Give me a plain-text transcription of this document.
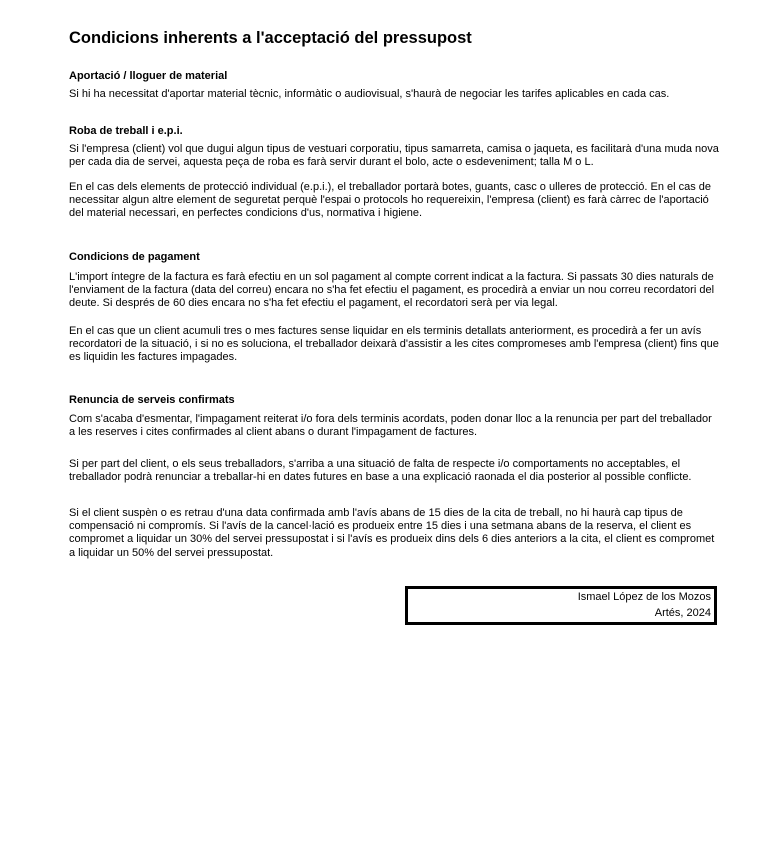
Condicions inherents a l'acceptació del pressupost
Aportació / lloguer de material

Si hi ha necessitat d'aportar material tècnic, informàtic o audiovisual, s'haurà de negociar les tarifes aplicables en cada cas.

Roba de treball i e.p.i.

Si l'empresa (client) vol que dugui algun tipus de vestuari corporatiu, tipus samarreta, camisa o jaqueta, es facilitarà d'una muda nova per cada dia de servei, aquesta peça de roba es farà servir durant el bolo, acte o esdeveniment; talla M o L.

En el cas dels elements de protecció individual (e.p.i.), el treballador portarà botes, guants, casc o ulleres de protecció. En el cas de necessitar algun altre element de seguretat perquè l'espai o protocols ho requereixin, l'empresa (client) es farà càrrec de l'aportació del material necessari, en perfectes condicions d'us, normativa i higiene.

Condicions de pagament

L'import íntegre de la factura es farà efectiu en un sol pagament al compte corrent indicat a la factura. Si passats 30 dies naturals de l'enviament de la factura (data del correu) encara no s'ha fet efectiu el pagament, es procedirà a enviar un nou correu recordatori del deute. Si després de 60 dies encara no s'ha fet efectiu el pagament, el recordatori serà per via legal.

En el cas que un client acumuli tres o mes factures sense liquidar en els terminis detallats anteriorment, es procedirà a fer un avís recordatori de la situació, i si no es soluciona, el treballador deixarà d'assistir a les cites compromeses amb l'empresa (client) fins que es liquidin les factures impagades.

Renuncia de serveis confirmats

Com s'acaba d'esmentar, l'impagament reiterat i/o fora dels terminis acordats, poden donar lloc a la renuncia per part del treballador a les reserves i cites confirmades al client abans o durant l'impagament de factures.

Si per part del client, o els seus treballadors, s'arriba a una situació de falta de respecte i/o comportaments no acceptables, el treballador podrà renunciar a treballar-hi en dates futures en base a una explicació raonada el dia posterior al possible conflicte.

Si el client suspèn o es retrau d'una data confirmada amb l'avís abans de 15 dies de la cita de treball, no hi haurà cap tipus de compensació ni compromís. Si l'avís de la cancel·lació es produeix entre 15 dies i una setmana abans de la reserva, el client es compromet a liquidar un 30% del servei pressupostat i si l'avís es produeix dins dels 6 dies anteriors a la cita, el client es compromet a liquidar un 50% del servei pressupostat.

Ismael López de los Mozos
Artés, 2024
